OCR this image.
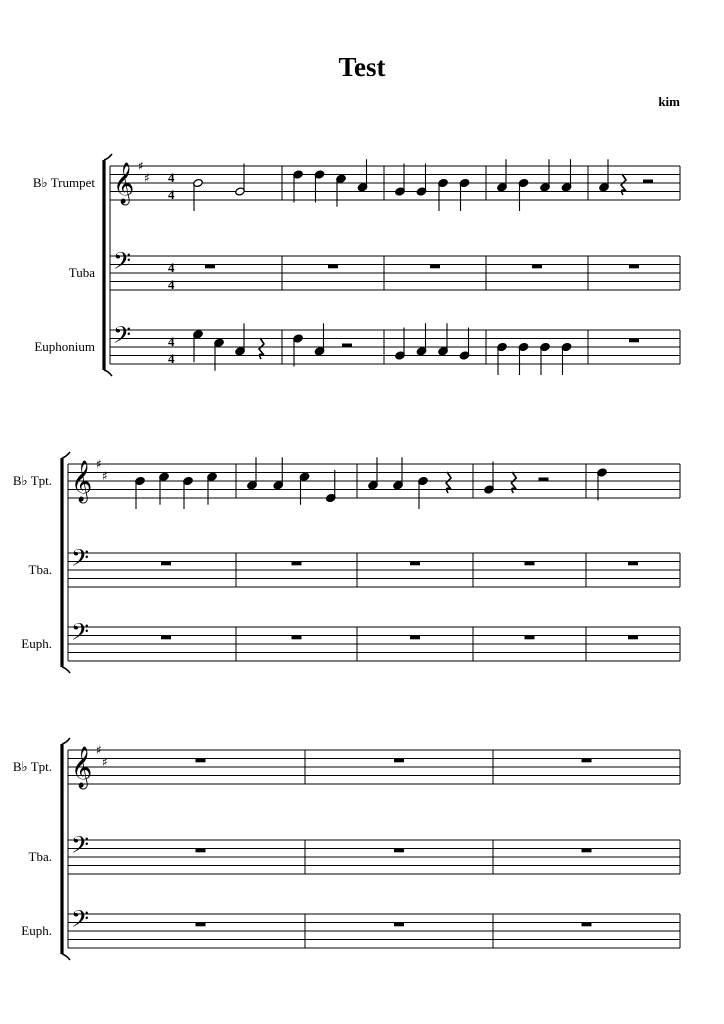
Test
kim
B♭ Trumpet 𝄞 ♯
♯ 4
4
Tuba 𝄢	4
4
Euphonium 𝄢	4
4
B♭ Tpt. 𝄞 ♯
♯
Tba. 𝄢
Euph. 𝄢
B♭ Tpt. 𝄞 ♯
♯
Tba. 𝄢
Euph. 𝄢
